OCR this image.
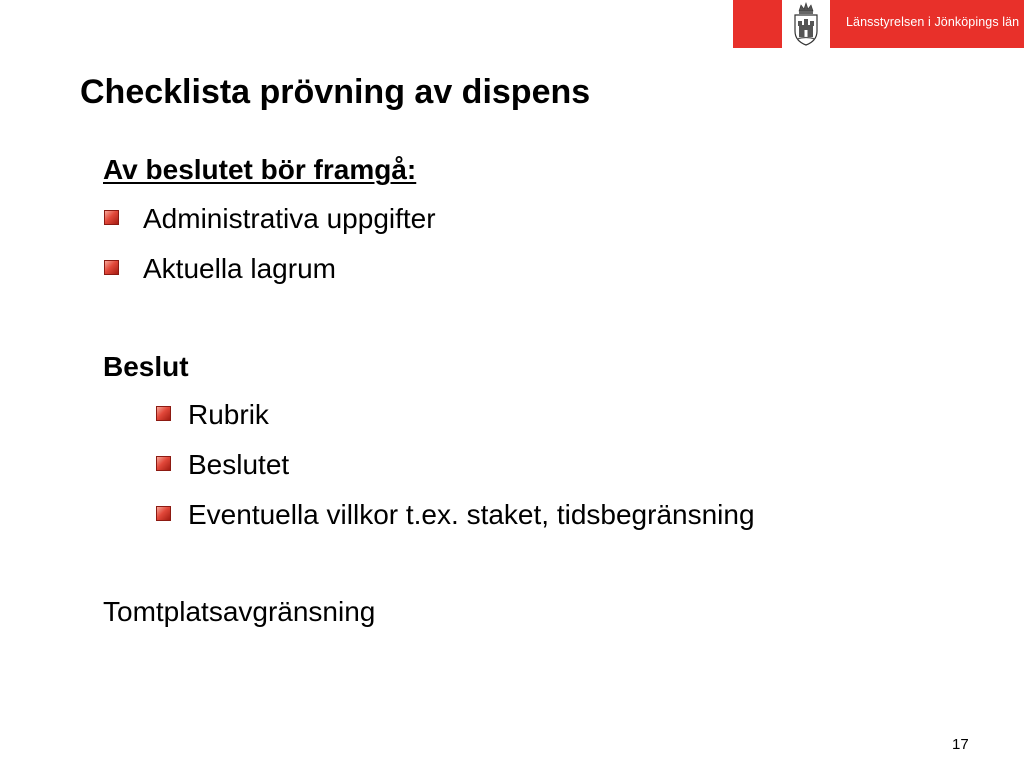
Länsstyrelsen i Jönköpings län
Checklista prövning av dispens
Av beslutet bör framgå:
Administrativa uppgifter
Aktuella lagrum
Beslut
Rubrik
Beslutet
Eventuella villkor t.ex. staket, tidsbegränsning
Tomtplatsavgränsning
17
